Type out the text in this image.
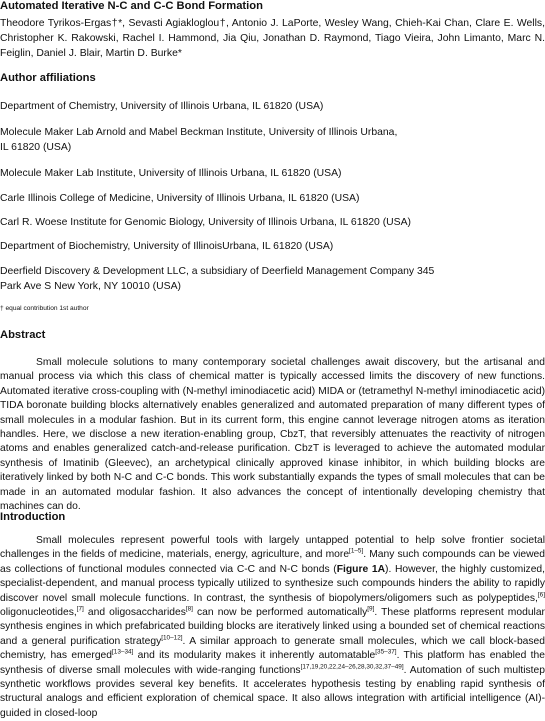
Automated Iterative N-C and C-C Bond Formation
Theodore Tyrikos-Ergas†*, Sevasti Agiakloglou†, Antonio J. LaPorte, Wesley Wang, Chieh-Kai Chan, Clare E. Wells, Christopher K. Rakowski, Rachel I. Hammond, Jia Qiu, Jonathan D. Raymond, Tiago Vieira, John Limanto, Marc N. Feiglin, Daniel J. Blair, Martin D. Burke*
Author affiliations
Department of Chemistry, University of Illinois Urbana, IL 61820 (USA)
Molecule Maker Lab Arnold and Mabel Beckman Institute, University of Illinois Urbana, IL 61820 (USA)
Molecule Maker Lab Institute, University of Illinois Urbana, IL 61820 (USA)
Carle Illinois College of Medicine, University of Illinois Urbana, IL 61820 (USA)
Carl R. Woese Institute for Genomic Biology, University of Illinois Urbana, IL 61820 (USA)
Department of Biochemistry, University of IllinoisUrbana, IL 61820 (USA)
Deerfield Discovery & Development LLC, a subsidiary of Deerfield Management Company 345 Park Ave S New York, NY 10010 (USA)
† equal contribution 1st author
Abstract
Small molecule solutions to many contemporary societal challenges await discovery, but the artisanal and manual process via which this class of chemical matter is typically accessed limits the discovery of new functions. Automated iterative cross-coupling with (N-methyl iminodiacetic acid) MIDA or (tetramethyl N-methyl iminodiacetic acid) TIDA boronate building blocks alternatively enables generalized and automated preparation of many different types of small molecules in a modular fashion. But in its current form, this engine cannot leverage nitrogen atoms as iteration handles. Here, we disclose a new iteration-enabling group, CbzT, that reversibly attenuates the reactivity of nitrogen atoms and enables generalized catch-and-release purification. CbzT is leveraged to achieve the automated modular synthesis of Imatinib (Gleevec), an archetypical clinically approved kinase inhibitor, in which building blocks are iteratively linked by both N-C and C-C bonds. This work substantially expands the types of small molecules that can be made in an automated modular fashion. It also advances the concept of intentionally developing chemistry that machines can do.
Introduction
Small molecules represent powerful tools with largely untapped potential to help solve frontier societal challenges in the fields of medicine, materials, energy, agriculture, and more[1–5]. Many such compounds can be viewed as collections of functional modules connected via C-C and N-C bonds (Figure 1A). However, the highly customized, specialist-dependent, and manual process typically utilized to synthesize such compounds hinders the ability to rapidly discover novel small molecule functions. In contrast, the synthesis of biopolymers/oligomers such as polypeptides,[6] oligonucleotides,[7] and oligosaccharides[8] can now be performed automatically[9]. These platforms represent modular synthesis engines in which prefabricated building blocks are iteratively linked using a bounded set of chemical reactions and a general purification strategy[10–12]. A similar approach to generate small molecules, which we call block-based chemistry, has emerged[13–34] and its modularity makes it inherently automatable[35–37]. This platform has enabled the synthesis of diverse small molecules with wide-ranging functions[17,19,20,22,24–26,28,30,32,37–49]. Automation of such multistep synthetic workflows provides several key benefits. It accelerates hypothesis testing by enabling rapid synthesis of structural analogs and efficient exploration of chemical space. It also allows integration with artificial intelligence (AI)-guided in closed-loop
